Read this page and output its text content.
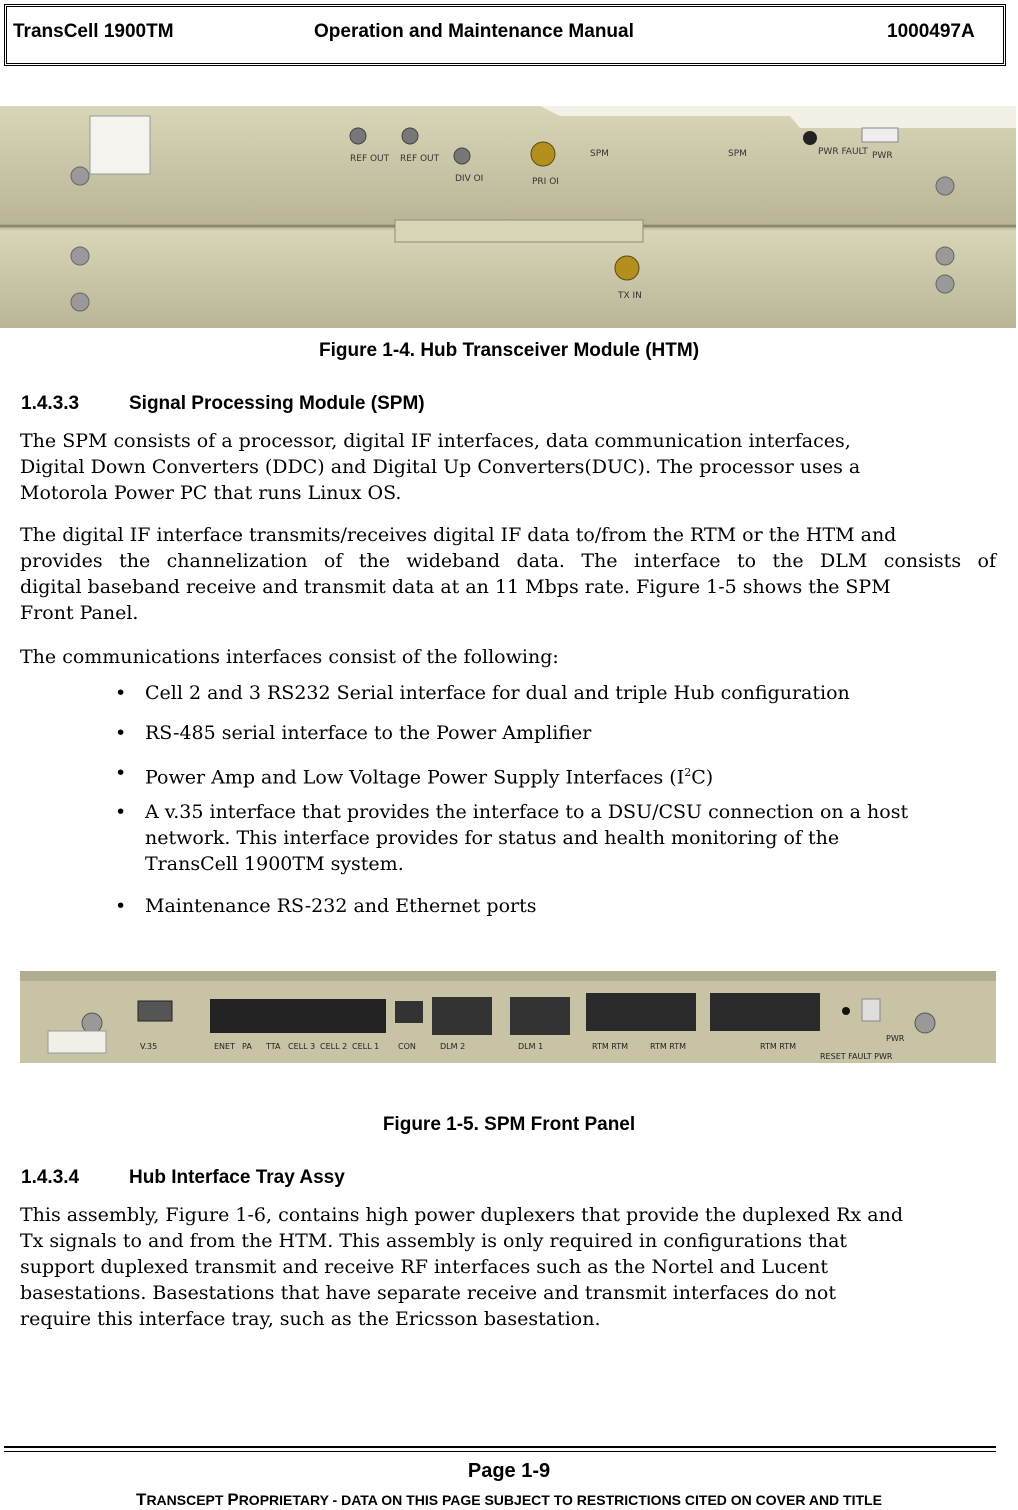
TransCell 1900TM	Operation and Maintenance Manual	1000497A
REF OUT REF OUT
DIV OI	PRI OI
SPM	SPM	PWR FAULT PWR
TX IN
Figure 1-4. Hub Transceiver Module (HTM)
1.4.3.3	Signal Processing Module (SPM)
The SPM consists of a processor, digital IF interfaces, data communication interfaces,
Digital Down Converters (DDC) and Digital Up Converters(DUC). The processor uses a
Motorola Power PC that runs Linux OS.
The digital IF interface transmits/receives digital IF data to/from the RTM or the HTM and
provides the channelization of the wideband data. The interface to the DLM consists of
digital baseband receive and transmit data at an 11 Mbps rate. Figure 1-5 shows the SPM
Front Panel.
The communications interfaces consist of the following:
• Cell 2 and 3 RS232 Serial interface for dual and triple Hub configuration
• RS-485 serial interface to the Power Amplifier
• Power Amp and Low Voltage Power Supply Interfaces $(I^2C)$
• A v.35 interface that provides the interface to a DSU/CSU connection on a host
network. This interface provides for status and health monitoring of the
TransCell 1900TM system.
• Maintenance RS-232 and Ethernet ports
V.35	ENET PA TTA CELL 3 CELL 2 CELL 1 CON	DLM 2	DLM 1	RTM RTM	RTM RTM	RTM RTM
RESET FAULT PWR
PWR
Figure 1-5. SPM Front Panel
1.4.3.4	Hub Interface Tray Assy
This assembly, Figure 1-6, contains high power duplexers that provide the duplexed Rx and
Tx signals to and from the HTM. This assembly is only required in configurations that
support duplexed transmit and receive RF interfaces such as the Nortel and Lucent
basestations. Basestations that have separate receive and transmit interfaces do not
require this interface tray, such as the Ericsson basestation.
Page 1-9
TRANSCEPT PROPRIETARY - DATA ON THIS PAGE SUBJECT TO RESTRICTIONS CITED ON COVER AND TITLE
